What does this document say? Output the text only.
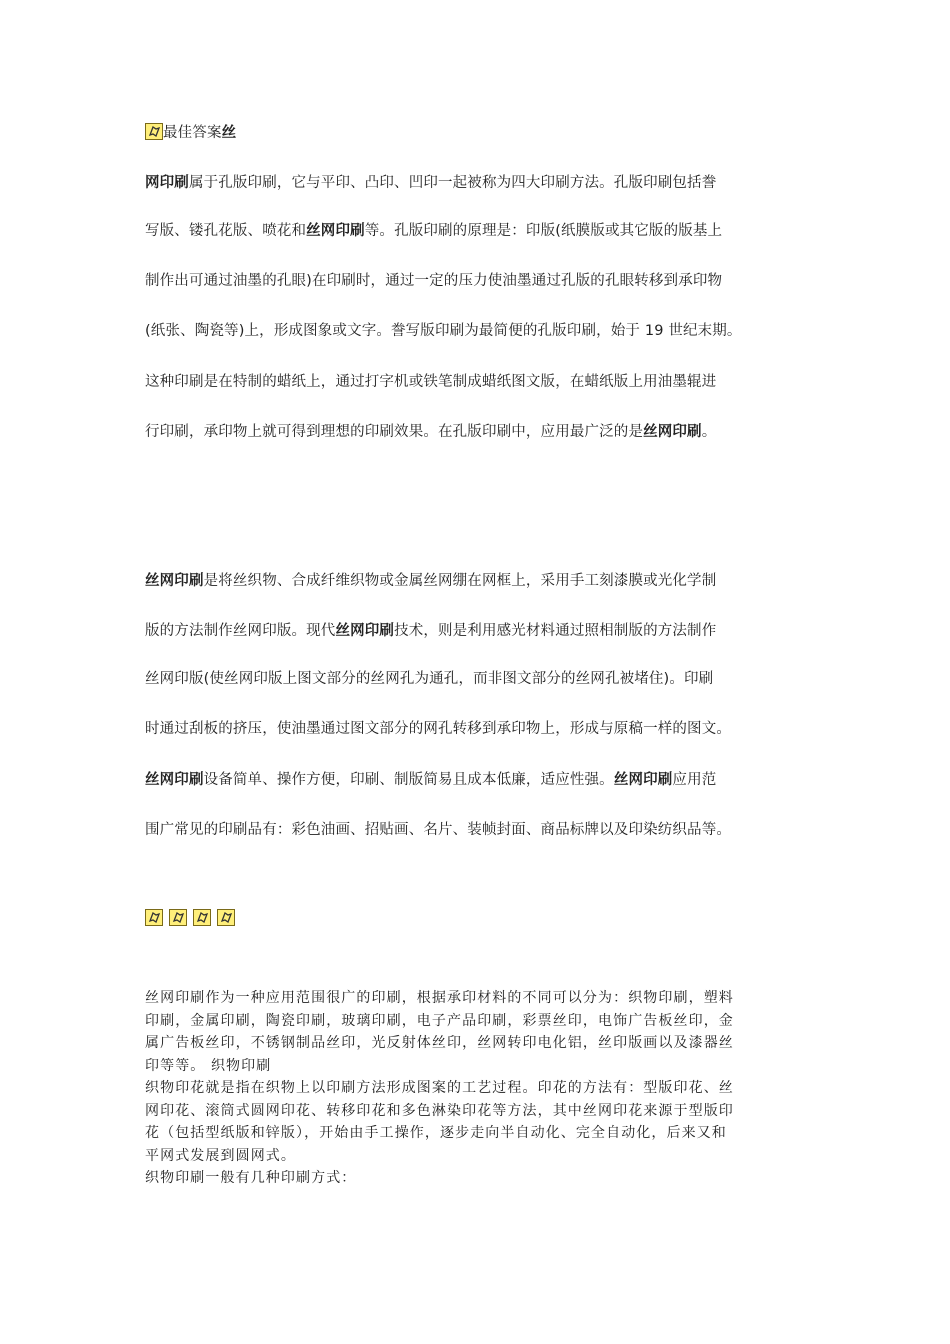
最佳答案丝
网印刷属于孔版印刷，它与平印、凸印、凹印一起被称为四大印刷方法。孔版印刷包括誊
写版、镂孔花版、喷花和丝网印刷等。孔版印刷的原理是：印版(纸膜版或其它版的版基上
制作出可通过油墨的孔眼)在印刷时，通过一定的压力使油墨通过孔版的孔眼转移到承印物
(纸张、陶瓷等)上，形成图象或文字。誊写版印刷为最简便的孔版印刷，始于 19 世纪末期。
这种印刷是在特制的蜡纸上，通过打字机或铁笔制成蜡纸图文版，在蜡纸版上用油墨辊进
行印刷，承印物上就可得到理想的印刷效果。在孔版印刷中，应用最广泛的是丝网印刷。
丝网印刷是将丝织物、合成纤维织物或金属丝网绷在网框上，采用手工刻漆膜或光化学制
版的方法制作丝网印版。现代丝网印刷技术，则是利用感光材料通过照相制版的方法制作
丝网印版(使丝网印版上图文部分的丝网孔为通孔，而非图文部分的丝网孔被堵住)。印刷
时通过刮板的挤压，使油墨通过图文部分的网孔转移到承印物上，形成与原稿一样的图文。
丝网印刷设备简单、操作方便，印刷、制版简易且成本低廉，适应性强。丝网印刷应用范
围广常见的印刷品有：彩色油画、招贴画、名片、装帧封面、商品标牌以及印染纺织品等。
丝网印刷作为一种应用范围很广的印刷，根据承印材料的不同可以分为：织物印刷，塑料
印刷，金属印刷，陶瓷印刷，玻璃印刷，电子产品印刷，彩票丝印，电饰广告板丝印，金
属广告板丝印，不锈钢制品丝印，光反射体丝印，丝网转印电化铝，丝印版画以及漆器丝
印等等。 织物印刷
织物印花就是指在织物上以印刷方法形成图案的工艺过程。印花的方法有：型版印花、丝
网印花、滚筒式圆网印花、转移印花和多色淋染印花等方法，其中丝网印花来源于型版印
花（包括型纸版和锌版），开始由手工操作，逐步走向半自动化、完全自动化，后来又和
平网式发展到圆网式。
织物印刷一般有几种印刷方式：
